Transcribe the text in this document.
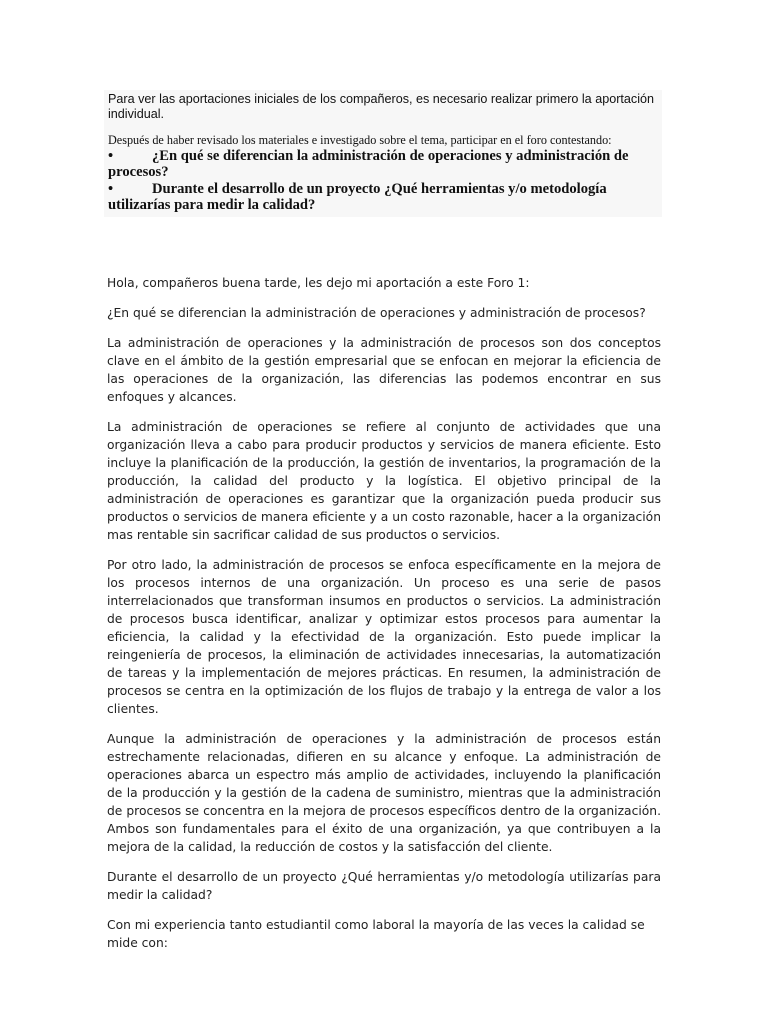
Para ver las aportaciones iniciales de los compañeros, es necesario realizar primero la aportación individual.

Después de haber revisado los materiales e investigado sobre el tema, participar en el foro contestando:

•	¿En qué se diferencian la administración de operaciones y administración de procesos?

•	Durante el desarrollo de un proyecto ¿Qué herramientas y/o metodología utilizarías para medir la calidad?

Hola, compañeros buena tarde, les dejo mi aportación a este Foro 1:

¿En qué se diferencian la administración de operaciones y administración de procesos?

La administración de operaciones y la administración de procesos son dos conceptos clave en el ámbito de la gestión empresarial que se enfocan en mejorar la eficiencia de las operaciones de la organización, las diferencias las podemos encontrar en sus enfoques y alcances.

La administración de operaciones se refiere al conjunto de actividades que una organización lleva a cabo para producir productos y servicios de manera eficiente. Esto incluye la planificación de la producción, la gestión de inventarios, la programación de la producción, la calidad del producto y la logística. El objetivo principal de la administración de operaciones es garantizar que la organización pueda producir sus productos o servicios de manera eficiente y a un costo razonable, hacer a la organización mas rentable sin sacrificar calidad de sus productos o servicios.

Por otro lado, la administración de procesos se enfoca específicamente en la mejora de los procesos internos de una organización. Un proceso es una serie de pasos interrelacionados que transforman insumos en productos o servicios. La administración de procesos busca identificar, analizar y optimizar estos procesos para aumentar la eficiencia, la calidad y la efectividad de la organización. Esto puede implicar la reingeniería de procesos, la eliminación de actividades innecesarias, la automatización de tareas y la implementación de mejores prácticas. En resumen, la administración de procesos se centra en la optimización de los flujos de trabajo y la entrega de valor a los clientes.

Aunque la administración de operaciones y la administración de procesos están estrechamente relacionadas, difieren en su alcance y enfoque. La administración de operaciones abarca un espectro más amplio de actividades, incluyendo la planificación de la producción y la gestión de la cadena de suministro, mientras que la administración de procesos se concentra en la mejora de procesos específicos dentro de la organización. Ambos son fundamentales para el éxito de una organización, ya que contribuyen a la mejora de la calidad, la reducción de costos y la satisfacción del cliente.

Durante el desarrollo de un proyecto ¿Qué herramientas y/o metodología utilizarías para medir la calidad?

Con mi experiencia tanto estudiantil como laboral la mayoría de las veces la calidad se mide con:
